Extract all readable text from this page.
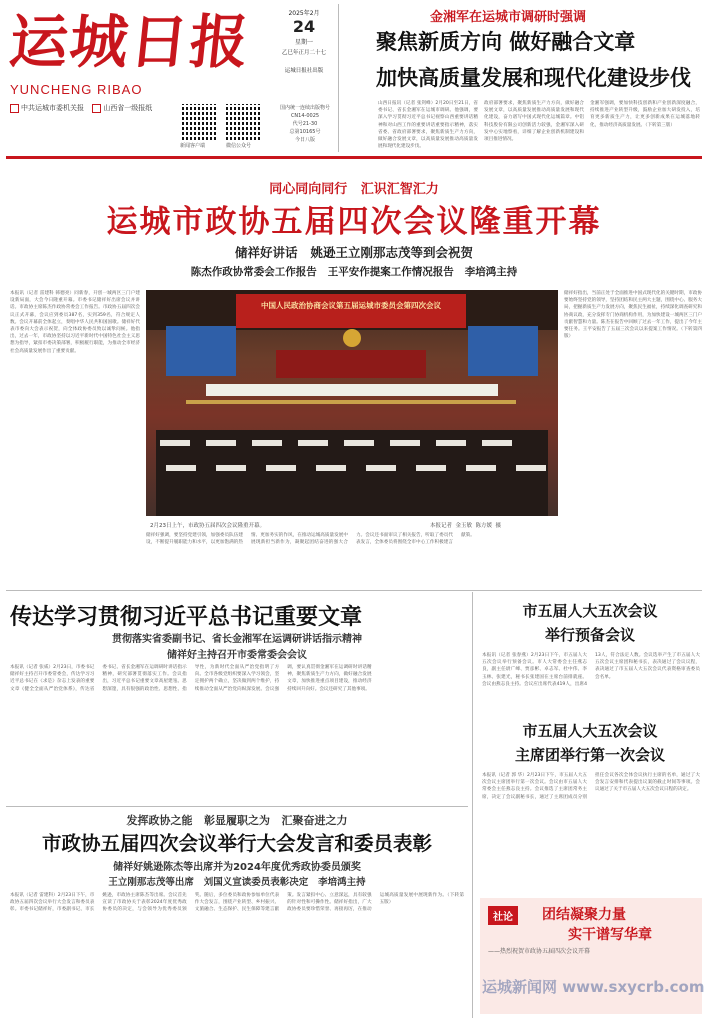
运城日报
YUNCHENG RIBAO
中共运城市委机关报	山西省一级报纸
2025年2月
24
星期一
乙巳年正月二十七
运城日报社出版
新闻客户端	微信公众号
国内统一连续出版物号
CN14-0025
代号21-30
总第10165号
今日八版
金湘军在运城市调研时强调
聚焦新质方向 做好融合文章
加快高质量发展和现代化建设步伐
山西日报讯（记者 张剑峰）2月20日至21日，省委书记、省长金湘军在运城市调研。他强调，要深入学习贯彻习近平总书记视察山西重要讲话精神和对山西工作的重要讲话重要指示精神，落实省委、省政府部署要求，聚焦新质生产力方向，做好融合发展文章，以高质量发展推动高质量发展和现代化建设步伐。
政府部署要求，聚焦新质生产力方向，做好融合发展文章，以高质量发展推动高质量发展和现代化建设，奋力谱写中国式现代化运城篇章。中铝科技股份有限公司创新活力较强，金湘军深入研发中心实地察看，详细了解企业创新机制建设和项目推进情况。
金湘军强调，要加快科技创新和产业创新深度融合，持续推进产业转型升级，鼓励企业加大研发投入，培育更多新质生产力，让更多创新成果在运城落地转化，推动经济高质量发展。（下转第三版）
同心同向同行   汇识汇智汇力
运城市政协五届四次会议隆重开幕
储祥好讲话   姚逊王立刚那志茂等到会祝贺
陈杰作政协常委会工作报告   王平安作提案工作情况报告   李培鸿主持
本报讯（记者 雷建科 韩德亮）同新春，开创一城两区三门户建设新局面，大会今日隆重开幕。市委书记储祥好出席会议并讲话。市政协主席陈杰作政协常委会工作报告。市政协五届四次会议正式开幕，会议应到委员387名，实到359名，符合规定人数。会议开幕前全体起立，奏唱中华人民共和国国歌。储祥好代表市委向大会表示祝贺，向全体政协委员致以诚挚问候。他指出，过去一年，市政协坚持以习近平新时代中国特色社会主义思想为指导，紧扣市委决策部署，积极履行职能，为推动全市经济社会高质量发展作出了重要贡献。
储祥好指出，当前正处于全面推进中国式现代化的关键时期，市政协要始终坚持党的领导，坚持团结和民主两大主题，围绕中心、服务大局，把握新质生产力发展方向，聚焦民生福祉，持续深化调查研究和协商议政，充分发挥专门协商机构作用，为加快建设一城两区三门户贡献智慧和力量。陈杰在报告中回顾了过去一年工作，提出了今年主要任务。王平安报告了五届三次会议以来提案工作情况。（下转第四版）
中国人民政治协商会议第五届运城市委员会第四次会议
2月23日上午，市政协五届四次会议隆重开幕。	本报记者  金玉敏  陈方媛  摄
储祥好强调，要坚持党建引领，加强委员队伍建设，不断提升履职能力和水平，以更加饱满的热情、更加务实的作风，在推动运城高质量发展中展现新担当新作为，凝聚起团结奋进的强大合力。会议还书面审议了相关报告，听取了委员代表发言，全体委员将围绕全市中心工作积极建言献策。
传达学习贯彻习近平总书记重要文章
贯彻落实省委副书记、省长金湘军在运调研讲话指示精神
储祥好主持召开市委常委会会议
本报讯（记者 张威）2月23日，市委书记储祥好主持召开市委常委会，传达学习习近平总书记在《求是》杂志上发表的重要文章《健全全面从严治党体系》，传达省委书记、省长金湘军在运调研时讲话指示精神，研究部署贯彻落实工作。会议指出，习近平总书记重要文章高屋建瓴、思想深邃，具有很强的政治性、思想性、指导性，为新时代全面从严治党指明了方向。全市各级党组织要深入学习领会，坚定拥护两个确立，坚决做到两个维护，持续推动全面从严治党向纵深发展。会议强调，要认真贯彻金湘军在运调研时讲话精神，聚焦新质生产力方向，做好融合发展文章，加快推进重点项目建设，推动经济持续回升向好。会议还研究了其他事项。
发挥政协之能   彰显履职之为   汇聚奋进之力
市政协五届四次会议举行大会发言和委员表彰
储祥好姚逊陈杰等出席并为2024年度优秀政协委员颁奖
王立刚那志茂等出席   刘国义宣读委员表彰决定   李培鸿主持
本报讯（记者 雷建科）2月23日下午，市政协五届四次会议举行大会发言和委员表彰。市委书记储祥好，市委副书记、市长姚逊，市政协主席陈杰等出席。会议首先宣读了市政协关于表彰2024年度优秀政协委员的决定，与会领导为优秀委员颁奖。随后，多位委员和政协参加单位代表作大会发言，围绕产业转型、乡村振兴、文旅融合、生态保护、民生保障等建言献策。发言紧扣中心、立意深远，具有较强的针对性和可操作性。储祥好指出，广大政协委员要珍惜荣誉、再接再厉，在推动运城高质量发展中展现新作为。（下转第五版）
市五届人大五次会议
举行预备会议
本报讯（记者 张春燕）2月23日下午，市五届人大五次会议举行预备会议。市人大常委会主任燕志良，副主任尉广峰、贾彦彬、卓志军、杜中伟、李玉林、张建光，秘书长张建国在主席台前排就座。会议由燕志良主持。会议应出席代表419人，出席413人，符合法定人数。会议选举产生了市五届人大五次会议主席团和秘书长，表决通过了会议议程，表决通过了市五届人大五次会议代表资格审查委员会名单。
市五届人大五次会议
主席团举行第一次会议
本报讯（记者 郭 华）2月23日下午，市五届人大五次会议主席团举行第一次会议。会议由市五届人大常委会主任燕志良主持。会议推选了主席团常务主席，决定了会议副秘书长，通过了主席团成员分别担任会议各次全体会议执行主席的名单，通过了大会发言安排和代表提出议案的截止时间等事项。会议通过了关于市五届人大五次会议日程的决定。
社论	团结凝聚力量
实干谱写华章
——热烈祝贺市政协五届四次会议开幕
运城新闻网 www.sxycrb.com
